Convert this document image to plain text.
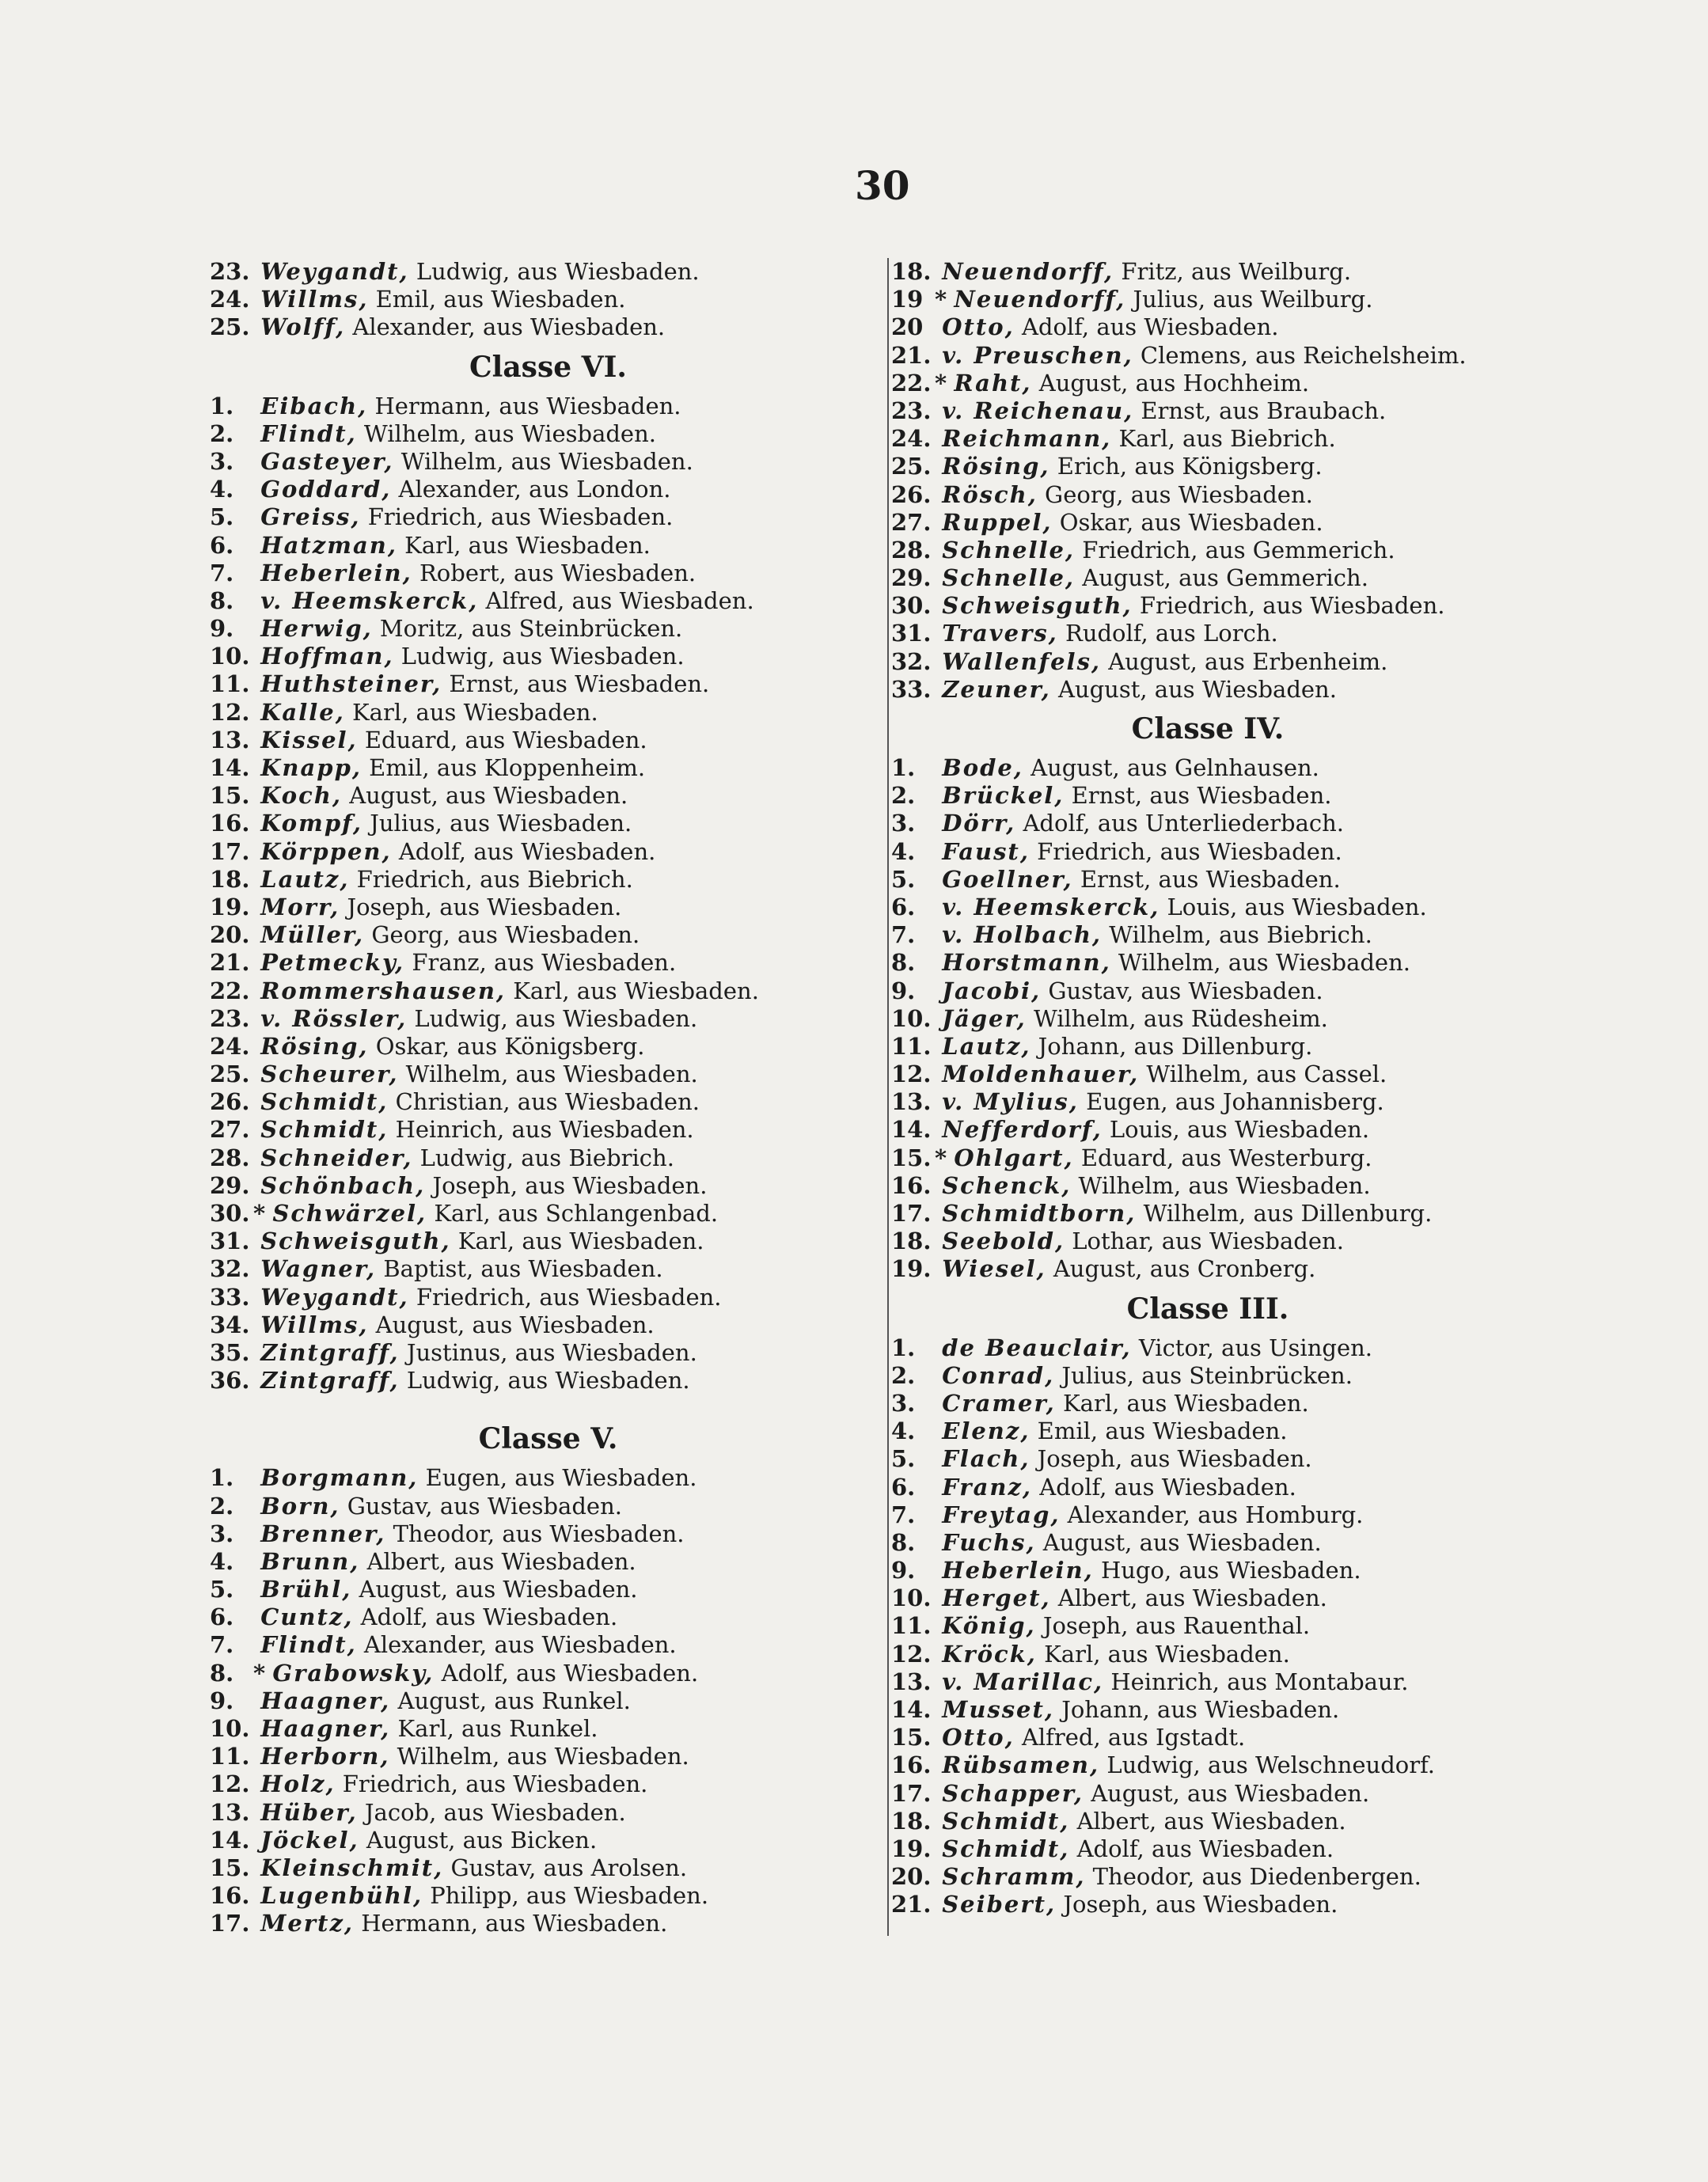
30
23. Weygandt, Ludwig, aus Wiesbaden.
24. Willms, Emil, aus Wiesbaden.
25. Wolff, Alexander, aus Wiesbaden.
Classe VI.
1. Eibach, Hermann, aus Wiesbaden.
2. Flindt, Wilhelm, aus Wiesbaden.
3. Gasteyer, Wilhelm, aus Wiesbaden.
4. Goddard, Alexander, aus London.
5. Greiss, Friedrich, aus Wiesbaden.
6. Hatzman, Karl, aus Wiesbaden.
7. Heberlein, Robert, aus Wiesbaden.
8. v. Heemskerck, Alfred, aus Wiesbaden.
9. Herwig, Moritz, aus Steinbrücken.
10. Hoffman, Ludwig, aus Wiesbaden.
11. Huthsteiner, Ernst, aus Wiesbaden.
12. Kalle, Karl, aus Wiesbaden.
13. Kissel, Eduard, aus Wiesbaden.
14. Knapp, Emil, aus Kloppenheim.
15. Koch, August, aus Wiesbaden.
16. Kompf, Julius, aus Wiesbaden.
17. Körppen, Adolf, aus Wiesbaden.
18. Lautz, Friedrich, aus Biebrich.
19. Morr, Joseph, aus Wiesbaden.
20. Müller, Georg, aus Wiesbaden.
21. Petmecky, Franz, aus Wiesbaden.
22. Rommershausen, Karl, aus Wiesbaden.
23. v. Rössler, Ludwig, aus Wiesbaden.
24. Rösing, Oskar, aus Königsberg.
25. Scheurer, Wilhelm, aus Wiesbaden.
26. Schmidt, Christian, aus Wiesbaden.
27. Schmidt, Heinrich, aus Wiesbaden.
28. Schneider, Ludwig, aus Biebrich.
29. Schönbach, Joseph, aus Wiesbaden.
30. * Schwärzel, Karl, aus Schlangenbad.
31. Schweisguth, Karl, aus Wiesbaden.
32. Wagner, Baptist, aus Wiesbaden.
33. Weygandt, Friedrich, aus Wiesbaden.
34. Willms, August, aus Wiesbaden.
35. Zintgraff, Justinus, aus Wiesbaden.
36. Zintgraff, Ludwig, aus Wiesbaden.
Classe V.
1. Borgmann, Eugen, aus Wiesbaden.
2. Born, Gustav, aus Wiesbaden.
3. Brenner, Theodor, aus Wiesbaden.
4. Brunn, Albert, aus Wiesbaden.
5. Brühl, August, aus Wiesbaden.
6. Cuntz, Adolf, aus Wiesbaden.
7. Flindt, Alexander, aus Wiesbaden.
8. * Grabowsky, Adolf, aus Wiesbaden.
9. Haagner, August, aus Runkel.
10. Haagner, Karl, aus Runkel.
11. Herborn, Wilhelm, aus Wiesbaden.
12. Holz, Friedrich, aus Wiesbaden.
13. Hüber, Jacob, aus Wiesbaden.
14. Jöckel, August, aus Bicken.
15. Kleinschmit, Gustav, aus Arolsen.
16. Lugenbühl, Philipp, aus Wiesbaden.
17. Mertz, Hermann, aus Wiesbaden.
18. Neuendorff, Fritz, aus Weilburg.
19 * Neuendorff, Julius, aus Weilburg.
20 Otto, Adolf, aus Wiesbaden.
21. v. Preuschen, Clemens, aus Reichelsheim.
22. * Raht, August, aus Hochheim.
23. v. Reichenau, Ernst, aus Braubach.
24. Reichmann, Karl, aus Biebrich.
25. Rösing, Erich, aus Königsberg.
26. Rösch, Georg, aus Wiesbaden.
27. Ruppel, Oskar, aus Wiesbaden.
28. Schnelle, Friedrich, aus Gemmerich.
29. Schnelle, August, aus Gemmerich.
30. Schweisguth, Friedrich, aus Wiesbaden.
31. Travers, Rudolf, aus Lorch.
32. Wallenfels, August, aus Erbenheim.
33. Zeuner, August, aus Wiesbaden.
Classe IV.
1. Bode, August, aus Gelnhausen.
2. Brückel, Ernst, aus Wiesbaden.
3. Dörr, Adolf, aus Unterliederbach.
4. Faust, Friedrich, aus Wiesbaden.
5. Goellner, Ernst, aus Wiesbaden.
6. v. Heemskerck, Louis, aus Wiesbaden.
7. v. Holbach, Wilhelm, aus Biebrich.
8. Horstmann, Wilhelm, aus Wiesbaden.
9. Jacobi, Gustav, aus Wiesbaden.
10. Jäger, Wilhelm, aus Rüdesheim.
11. Lautz, Johann, aus Dillenburg.
12. Moldenhauer, Wilhelm, aus Cassel.
13. v. Mylius, Eugen, aus Johannisberg.
14. Nefferdorf, Louis, aus Wiesbaden.
15. * Ohlgart, Eduard, aus Westerburg.
16. Schenck, Wilhelm, aus Wiesbaden.
17. Schmidtborn, Wilhelm, aus Dillenburg.
18. Seebold, Lothar, aus Wiesbaden.
19. Wiesel, August, aus Cronberg.
Classe III.
1. de Beauclair, Victor, aus Usingen.
2. Conrad, Julius, aus Steinbrücken.
3. Cramer, Karl, aus Wiesbaden.
4. Elenz, Emil, aus Wiesbaden.
5. Flach, Joseph, aus Wiesbaden.
6. Franz, Adolf, aus Wiesbaden.
7. Freytag, Alexander, aus Homburg.
8. Fuchs, August, aus Wiesbaden.
9. Heberlein, Hugo, aus Wiesbaden.
10. Herget, Albert, aus Wiesbaden.
11. König, Joseph, aus Rauenthal.
12. Kröck, Karl, aus Wiesbaden.
13. v. Marillac, Heinrich, aus Montabaur.
14. Musset, Johann, aus Wiesbaden.
15. Otto, Alfred, aus Igstadt.
16. Rübsamen, Ludwig, aus Welschneudorf.
17. Schapper, August, aus Wiesbaden.
18. Schmidt, Albert, aus Wiesbaden.
19. Schmidt, Adolf, aus Wiesbaden.
20. Schramm, Theodor, aus Diedenbergen.
21. Seibert, Joseph, aus Wiesbaden.
